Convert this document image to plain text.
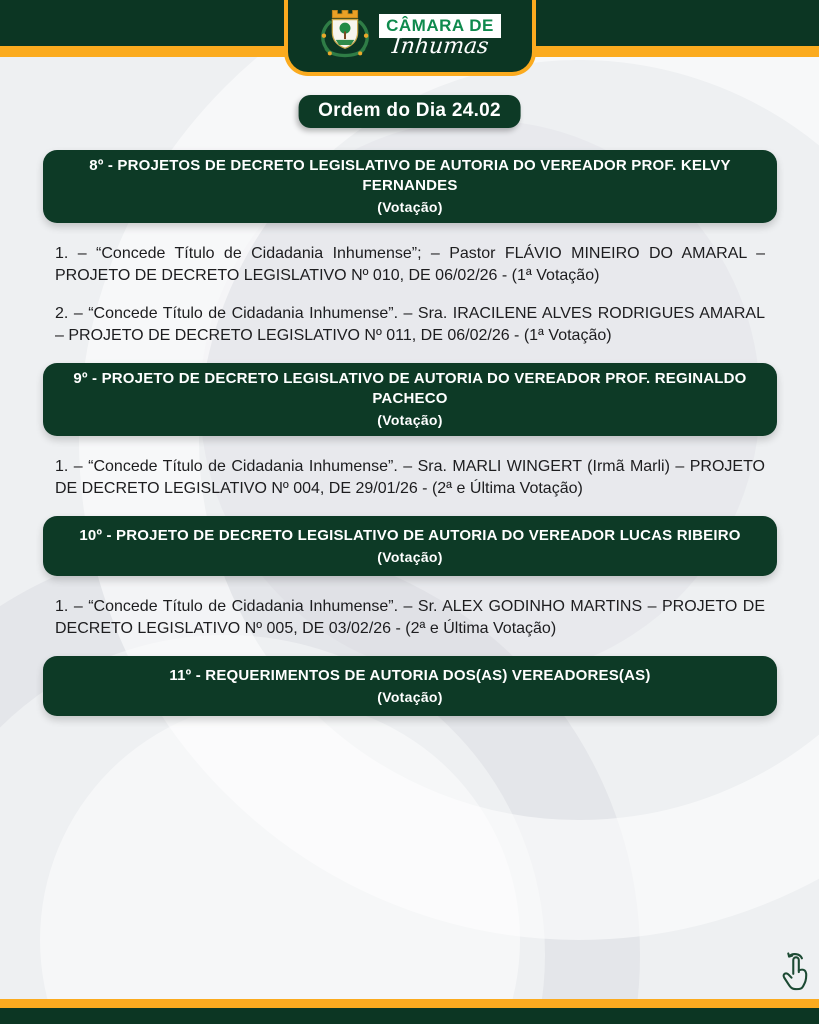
CÂMARA DE
Inhumas
Ordem do Dia 24.02
8º - PROJETOS DE DECRETO LEGISLATIVO DE AUTORIA DO VEREADOR PROF. KELVY FERNANDES
(Votação)

1. – “Concede Título de Cidadania Inhumense”; – Pastor FLÁVIO MINEIRO DO AMARAL – PROJETO DE DECRETO LEGISLATIVO Nº 010, DE 06/02/26 - (1ª Votação)

2. – “Concede Título de Cidadania Inhumense”. – Sra. IRACILENE ALVES RODRIGUES AMARAL – PROJETO DE DECRETO LEGISLATIVO Nº 011, DE 06/02/26 - (1ª Votação)

9º - PROJETO DE DECRETO LEGISLATIVO DE AUTORIA DO VEREADOR PROF. REGINALDO PACHECO
(Votação)

1. – “Concede Título de Cidadania Inhumense”. – Sra. MARLI WINGERT (Irmã Marli) – PROJETO DE DECRETO LEGISLATIVO Nº 004, DE 29/01/26 - (2ª e Última Votação)

10º - PROJETO DE DECRETO LEGISLATIVO DE AUTORIA DO VEREADOR LUCAS RIBEIRO
(Votação)

1. – “Concede Título de Cidadania Inhumense”. – Sr. ALEX GODINHO MARTINS – PROJETO DE DECRETO LEGISLATIVO Nº 005, DE 03/02/26 - (2ª e Última Votação)

11º - REQUERIMENTOS DE AUTORIA DOS(AS) VEREADORES(AS)
(Votação)
